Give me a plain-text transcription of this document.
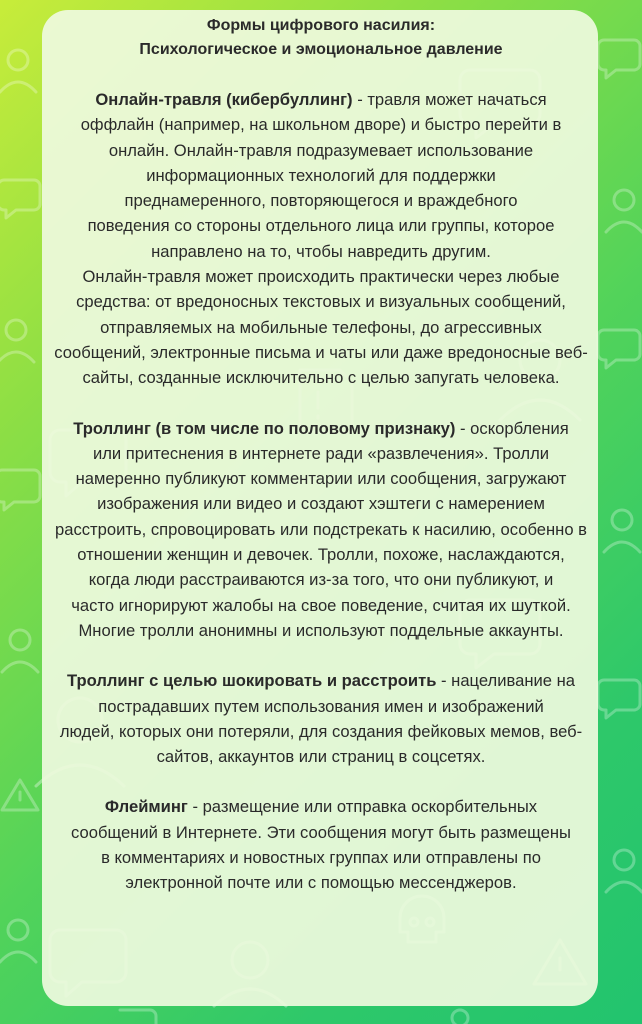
Формы цифрового насилия:
Психологическое и эмоциональное давление

Онлайн-травля (кибербуллинг) - травля может начаться
оффлайн (например, на школьном дворе) и быстро перейти в
онлайн. Онлайн-травля подразумевает использование
информационных технологий для поддержки
преднамеренного, повторяющегося и враждебного
поведения со стороны отдельного лица или группы, которое
направлено на то, чтобы навредить другим.
Онлайн-травля может происходить практически через любые
средства: от вредоносных текстовых и визуальных сообщений,
отправляемых на мобильные телефоны, до агрессивных
сообщений, электронные письма и чаты или даже вредоносные веб-
сайты, созданные исключительно с целью запугать человека.

Троллинг (в том числе по половому признаку) - оскорбления
или притеснения в интернете ради «развлечения». Тролли
намеренно публикуют комментарии или сообщения, загружают
изображения или видео и создают хэштеги с намерением
расстроить, спровоцировать или подстрекать к насилию, особенно в
отношении женщин и девочек. Тролли, похоже, наслаждаются,
когда люди расстраиваются из-за того, что они публикуют, и
часто игнорируют жалобы на свое поведение, считая их шуткой.
Многие тролли анонимны и используют поддельные аккаунты.

Троллинг с целью шокировать и расстроить - нацеливание на
пострадавших путем использования имен и изображений
людей, которых они потеряли, для создания фейковых мемов, веб-
сайтов, аккаунтов или страниц в соцсетях.

Флейминг - размещение или отправка оскорбительных
сообщений в Интернете. Эти сообщения могут быть размещены
в комментариях и новостных группах или отправлены по
электронной почте или с помощью мессенджеров.
